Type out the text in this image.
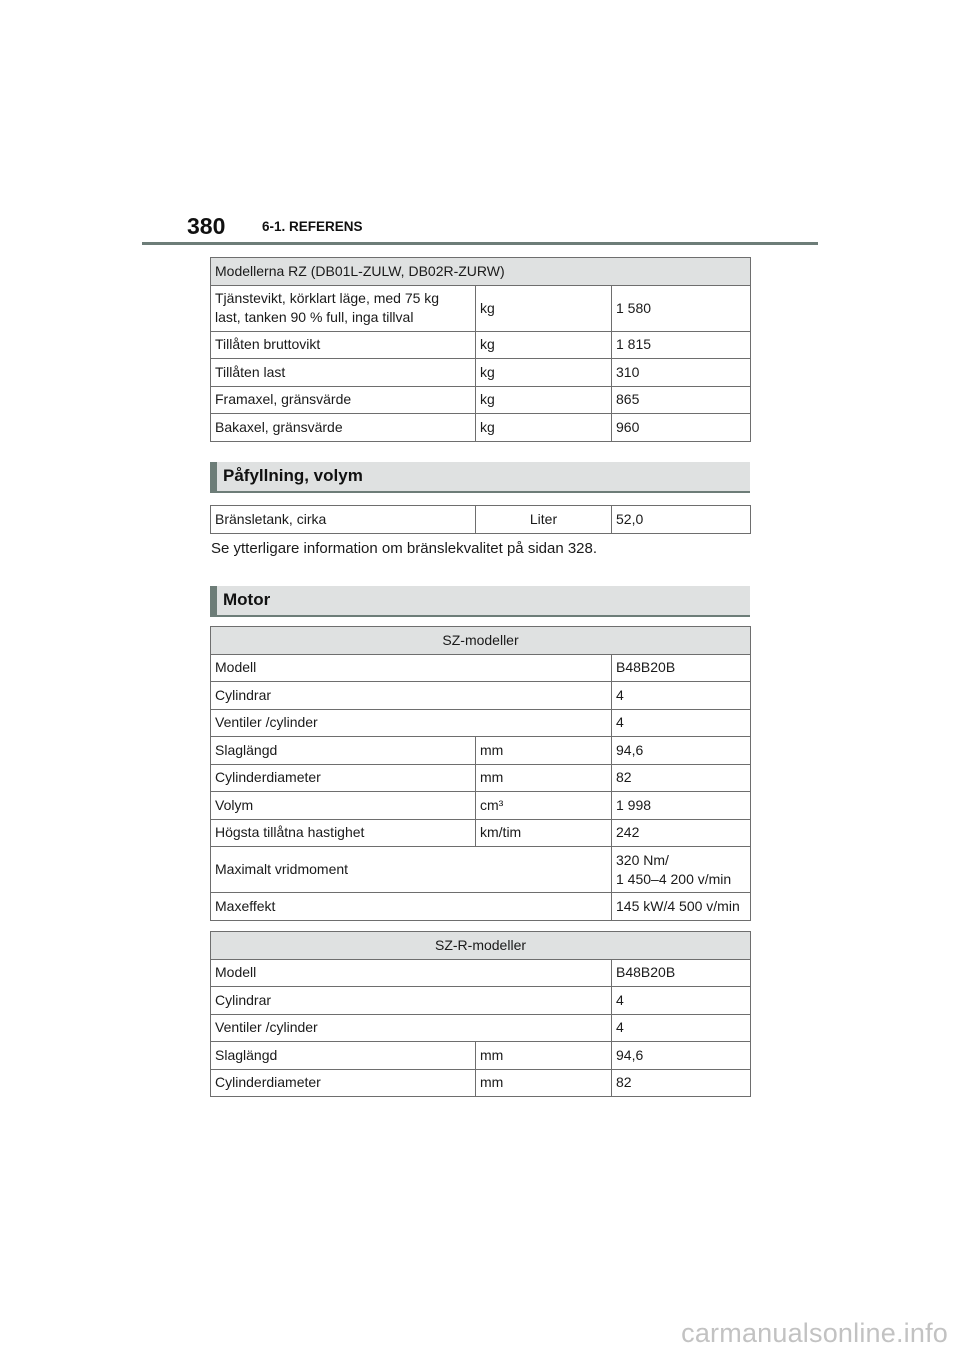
380	6-1. REFERENS
Modellerna RZ (DB01L-ZULW, DB02R-ZURW)		
Tjänstevikt, körklart läge, med 75 kg
last, tanken 90 % full, inga tillval	kg	1 580
Tillåten bruttovikt	kg	1 815
Tillåten last	kg	310
Framaxel, gränsvärde	kg	865
Bakaxel, gränsvärde	kg	960
Påfyllning, volym
Bränsletank, cirka	Liter	52,0
Se ytterligare information om bränslekvalitet på sidan 328.
Motor
SZ-modeller		
Modell		B48B20B
Cylindrar		4
Ventiler /cylinder		4
Slaglängd	mm	94,6
Cylinderdiameter	mm	82
Volym	cm³	1 998
Högsta tillåtna hastighet	km/tim	242
Maximalt vridmoment		320 Nm/
1 450–4 200 v/min
Maxeffekt		145 kW/4 500 v/min
SZ-R-modeller		
Modell		B48B20B
Cylindrar		4
Ventiler /cylinder		4
Slaglängd	mm	94,6
Cylinderdiameter	mm	82
carmanualsonline.info
